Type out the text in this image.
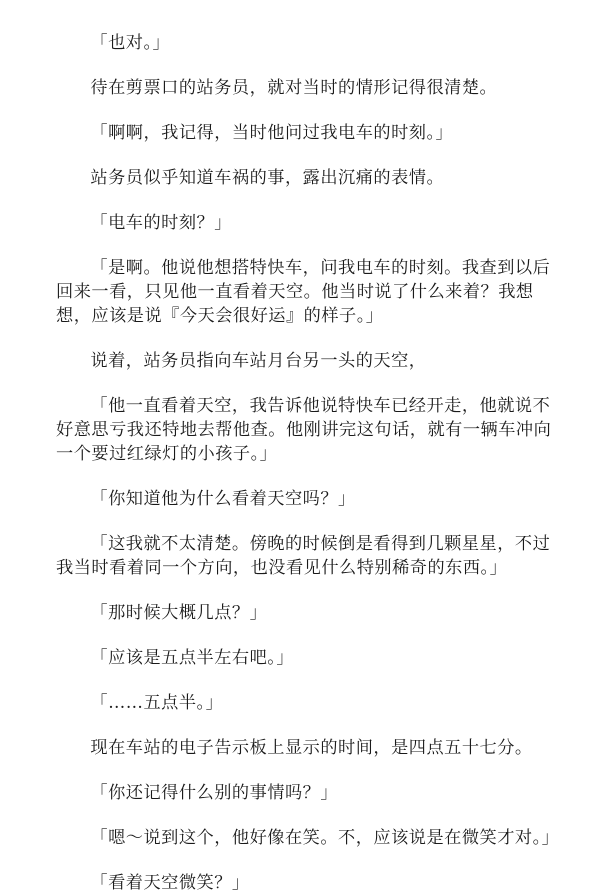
「也对。」

待在剪票口的站务员，就对当时的情形记得很清楚。

「啊啊，我记得，当时他问过我电车的时刻。」

站务员似乎知道车祸的事，露出沉痛的表情。

「电车的时刻？」

「是啊。他说他想搭特快车，问我电车的时刻。我查到以后回来一看，只见他一直看着天空。他当时说了什么来着？我想想，应该是说『今天会很好运』的样子。」

说着，站务员指向车站月台另一头的天空，

「他一直看着天空，我告诉他说特快车已经开走，他就说不好意思亏我还特地去帮他查。他刚讲完这句话，就有一辆车冲向一个要过红绿灯的小孩子。」

「你知道他为什么看着天空吗？」

「这我就不太清楚。傍晚的时候倒是看得到几颗星星，不过我当时看着同一个方向，也没看见什么特别稀奇的东西。」

「那时候大概几点？」

「应该是五点半左右吧。」

「……五点半。」

现在车站的电子告示板上显示的时间，是四点五十七分。

「你还记得什么别的事情吗？」

「嗯～说到这个，他好像在笑。不，应该说是在微笑才对。」

「看着天空微笑？」
